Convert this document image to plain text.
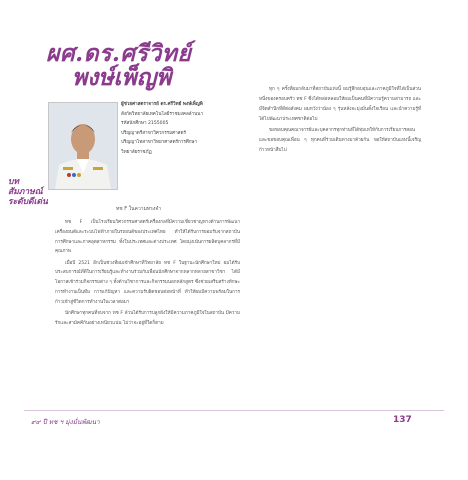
ผศ.ดร.ศรีวิทย์
พงษ์เพ็ญพิ
บทสัมภาษณ์ ระดับดีเด่น
ผู้ช่วยศาสตราจารย์ ดร.ศรีวิทย์ พงษ์เพ็ญพิ
สังกัดวิทยาลัยเทคโนโลยีราชมงคลล้านนา
รหัสนักศึกษา 2155005
ปริญญาตรีสาขาวิศวกรรมศาสตร์
ปริญญาโทสาขาวิทยาศาสตร์การศึกษา
วิทยาลัยราชภัฏ
ทช F ในความทรงจำ

ทช F เป็นโรงเรียนวิศวกรรมศาสตร์เครื่องกลที่มีความเชี่ยวชาญทางด้านการพัฒนาเครื่องยนต์และระบบไฟฟ้าภายในรถยนต์ของประเทศไทย ทำให้ได้รับการยอมรับจากสถาบันการศึกษาและภาคอุตสาหกรรม ทั้งในประเทศและต่างประเทศ โดยมุ่งเน้นการผลิตบุคลากรที่มีคุณภาพ

เมื่อปี 2521 อีกเป็นช่วงที่ผมเข้าศึกษาที่วิทยาลัย ทช F ในฐานะนักศึกษาใหม่ ผมได้รับประสบการณ์ที่ดีในการเรียนรู้และทำงานร่วมกับเพื่อนนักศึกษาจากหลากหลายสาขาวิชา ได้มีโอกาสเข้าร่วมกิจกรรมต่าง ๆ ทั้งด้านวิชาการและกิจกรรมนอกหลักสูตร ซึ่งช่วยเสริมสร้างทักษะการทำงานเป็นทีม การแก้ปัญหา และความรับผิดชอบต่อหน้าที่ ทำให้ผมมีความพร้อมในการก้าวเข้าสู่ชีวิตการทำงานในเวลาต่อมา

นักศึกษาทุกคนที่จบจาก ทช F ล้วนได้รับการปลูกฝังให้มีความภาคภูมิใจในสถาบัน มีความรักและสามัคคีกันอย่างเหนียวแน่น ไม่ว่าจะอยู่ที่ใดก็ตาม

ทุก ๆ ครั้งที่ผมกลับมาที่สถาบันแห่งนี้ ผมรู้สึกอบอุ่นและภาคภูมิใจที่ได้เป็นส่วนหนึ่งของครอบครัว ทช F ซึ่งได้หล่อหลอมให้ผมเป็นคนที่มีความรู้ความสามารถ และมีจิตสำนึกที่ดีต่อสังคม ผมหวังว่าน้อง ๆ รุ่นหลังจะมุ่งมั่นตั้งใจเรียน และนำความรู้ที่ได้ไปพัฒนาประเทศชาติต่อไป

ขอขอบคุณคณาจารย์และบุคลากรทุกท่านที่ได้ทุ่มเทให้กับการเรียนการสอน และขอขอบคุณเพื่อน ๆ ทุกคนที่ร่วมเดินทางมาด้วยกัน ขอให้สถาบันแห่งนี้เจริญก้าวหน้าสืบไป

๙๙ ปี ทช ฯ มุ่งมั่นพัฒนา	137
